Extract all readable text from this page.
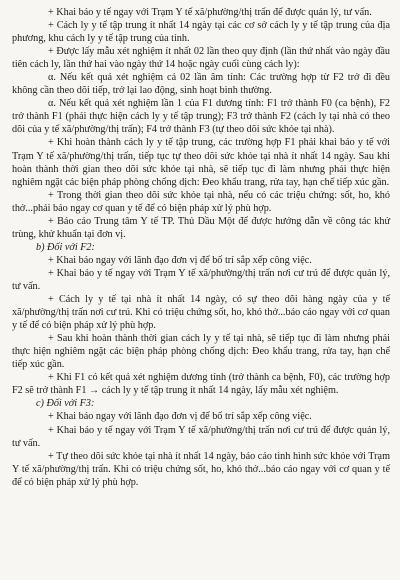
+ Khai báo y tế ngay với Trạm Y tế xã/phường/thị trấn để được quản lý, tư vấn.

+ Cách ly y tế tập trung ít nhất 14 ngày tại các cơ sở cách ly y tế tập trung của địa phương, khu cách ly y tế tập trung của tỉnh.

+ Được lấy mẫu xét nghiệm ít nhất 02 lần theo quy định (lần thứ nhất vào ngày đầu tiên cách ly, lần thứ hai vào ngày thứ 14 hoặc ngày cuối cùng cách ly):

α. Nếu kết quả xét nghiệm cả 02 lần âm tính: Các trường hợp từ F2 trở đi đều không cần theo dõi tiếp, trở lại lao động, sinh hoạt bình thường.

α. Nếu kết quả xét nghiệm lần 1 của F1 dương tính: F1 trở thành F0 (ca bệnh), F2 trở thành F1 (phải thực hiện cách ly y tế tập trung); F3 trở thành F2 (cách ly tại nhà có theo dõi của y tế xã/phường/thị trấn); F4 trở thành F3 (tự theo dõi sức khỏe tại nhà).

+ Khi hoàn thành cách ly y tế tập trung, các trường hợp F1 phải khai báo y tế với Trạm Y tế xã/phường/thị trấn, tiếp tục tự theo dõi sức khỏe tại nhà ít nhất 14 ngày. Sau khi hoàn thành thời gian theo dõi sức khỏe tại nhà, sẽ tiếp tục đi làm nhưng phải thực hiện nghiêm ngặt các biện pháp phòng chống dịch: Đeo khẩu trang, rửa tay, hạn chế tiếp xúc gần.

+ Trong thời gian theo dõi sức khỏe tại nhà, nếu có các triệu chứng: sốt, ho, khó thở...phải báo ngay cơ quan y tế để có biện pháp xử lý phù hợp.

+ Báo cáo Trung tâm Y tế TP. Thủ Dầu Một để được hướng dẫn về công tác khử trùng, khử khuẩn tại đơn vị.

b) Đối với F2:

+ Khai báo ngay với lãnh đạo đơn vị để bố trí sắp xếp công việc.

+ Khai báo y tế ngay với Trạm Y tế xã/phường/thị trấn nơi cư trú để được quản lý, tư vấn.

+ Cách ly y tế tại nhà ít nhất 14 ngày, có sự theo dõi hàng ngày của y tế xã/phường/thị trấn nơi cư trú. Khi có triệu chứng sốt, ho, khó thở...báo cáo ngay với cơ quan y tế để có biện pháp xử lý phù hợp.

+ Sau khi hoàn thành thời gian cách ly y tế tại nhà, sẽ tiếp tục đi làm nhưng phải thực hiện nghiêm ngặt các biện pháp phòng chống dịch: Đeo khẩu trang, rửa tay, hạn chế tiếp xúc gần.

+ Khi F1 có kết quả xét nghiệm dương tính (trở thành ca bệnh, F0), các trường hợp F2 sẽ trở thành F1 → cách ly y tế tập trung ít nhất 14 ngày, lấy mẫu xét nghiệm.

c) Đối với F3:

+ Khai báo ngay với lãnh đạo đơn vị để bố trí sắp xếp công việc.

+ Khai báo y tế ngay với Trạm Y tế xã/phường/thị trấn nơi cư trú để được quản lý, tư vấn.

+ Tự theo dõi sức khỏe tại nhà ít nhất 14 ngày, báo cáo tình hình sức khỏe với Trạm Y tế xã/phường/thị trấn. Khi có triệu chứng sốt, ho, khó thở...báo cáo ngay với cơ quan y tế để có biện pháp xử lý phù hợp.
